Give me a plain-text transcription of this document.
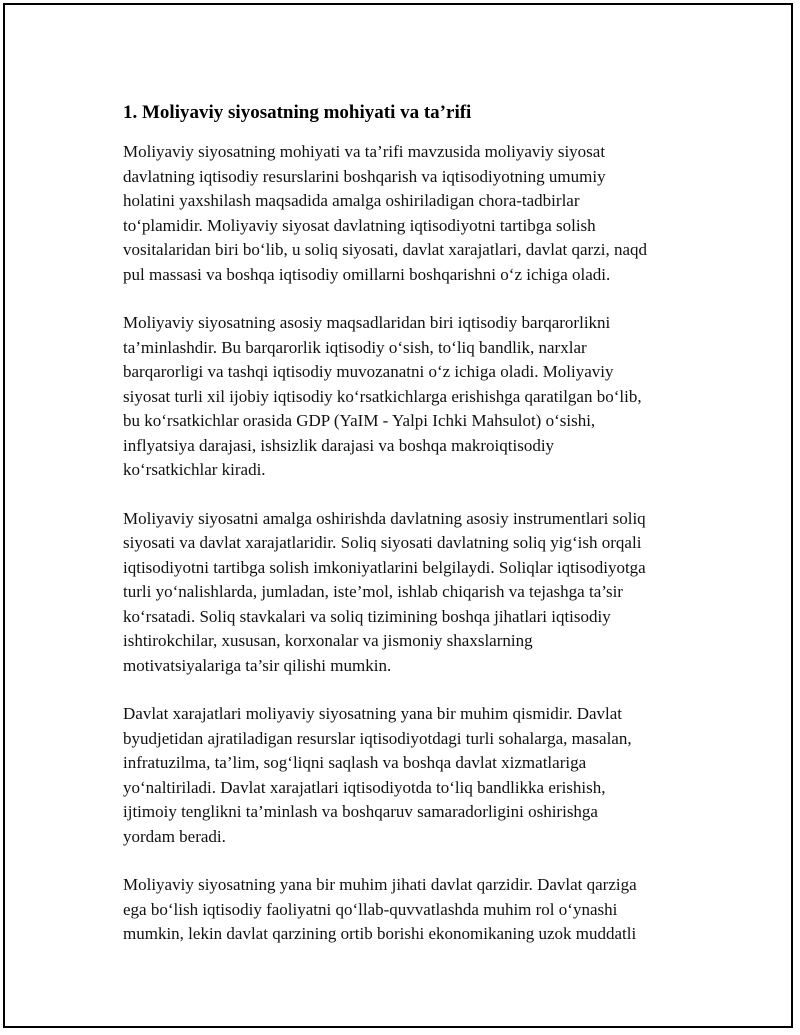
1. Moliyaviy siyosatning mohiyati va ta’rifi

Moliyaviy siyosatning mohiyati va ta’rifi mavzusida moliyaviy siyosat
davlatning iqtisodiy resurslarini boshqarish va iqtisodiyotning umumiy
holatini yaxshilash maqsadida amalga oshiriladigan chora-tadbirlar
to‘plamidir. Moliyaviy siyosat davlatning iqtisodiyotni tartibga solish
vositalaridan biri bo‘lib, u soliq siyosati, davlat xarajatlari, davlat qarzi, naqd
pul massasi va boshqa iqtisodiy omillarni boshqarishni o‘z ichiga oladi.

Moliyaviy siyosatning asosiy maqsadlaridan biri iqtisodiy barqarorlikni
ta’minlashdir. Bu barqarorlik iqtisodiy o‘sish, to‘liq bandlik, narxlar
barqarorligi va tashqi iqtisodiy muvozanatni o‘z ichiga oladi. Moliyaviy
siyosat turli xil ijobiy iqtisodiy ko‘rsatkichlarga erishishga qaratilgan bo‘lib,
bu ko‘rsatkichlar orasida GDP (YaIM - Yalpi Ichki Mahsulot) o‘sishi,
inflyatsiya darajasi, ishsizlik darajasi va boshqa makroiqtisodiy
ko‘rsatkichlar kiradi.

Moliyaviy siyosatni amalga oshirishda davlatning asosiy instrumentlari soliq
siyosati va davlat xarajatlaridir. Soliq siyosati davlatning soliq yig‘ish orqali
iqtisodiyotni tartibga solish imkoniyatlarini belgilaydi. Soliqlar iqtisodiyotga
turli yo‘nalishlarda, jumladan, iste’mol, ishlab chiqarish va tejashga ta’sir
ko‘rsatadi. Soliq stavkalari va soliq tizimining boshqa jihatlari iqtisodiy
ishtirokchilar, xususan, korxonalar va jismoniy shaxslarning
motivatsiyalariga ta’sir qilishi mumkin.

Davlat xarajatlari moliyaviy siyosatning yana bir muhim qismidir. Davlat
byudjetidan ajratiladigan resurslar iqtisodiyotdagi turli sohalarga, masalan,
infratuzilma, ta’lim, sog‘liqni saqlash va boshqa davlat xizmatlariga
yo‘naltiriladi. Davlat xarajatlari iqtisodiyotda to‘liq bandlikka erishish,
ijtimoiy tenglikni ta’minlash va boshqaruv samaradorligini oshirishga
yordam beradi.

Moliyaviy siyosatning yana bir muhim jihati davlat qarzidir. Davlat qarziga
ega bo‘lish iqtisodiy faoliyatni qo‘llab-quvvatlashda muhim rol o‘ynashi
mumkin, lekin davlat qarzining ortib borishi ekonomikaning uzok muddatli
